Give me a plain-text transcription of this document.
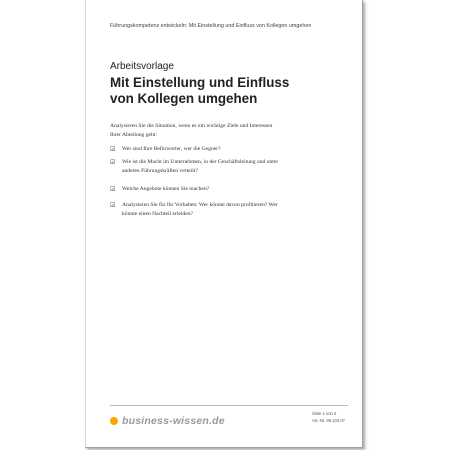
Führungskompetenz entwickeln: Mit Einstellung und Einfluss von Kollegen umgehen
Arbeitsvorlage
Mit Einstellung und Einfluss
von Kollegen umgehen
Analysieren Sie die Situation, wenn es um wichtige Ziele und Interessen
Ihrer Abteilung geht:
☑ Wer sind Ihre Befürworter, wer die Gegner?
☑ Wie ist die Macht im Unternehmen, in der Geschäftsleitung und unter
anderen Führungskräften verteilt?
☑ Welche Angebote können Sie machen?
☑ Analysieren Sie für Ihr Vorhaben: Wer könnte davon profitieren? Wer
könnte einen Nachteil erleiden?
business-wissen.de
Seite 1 von 2
Art.-Nr. 99.103.07
